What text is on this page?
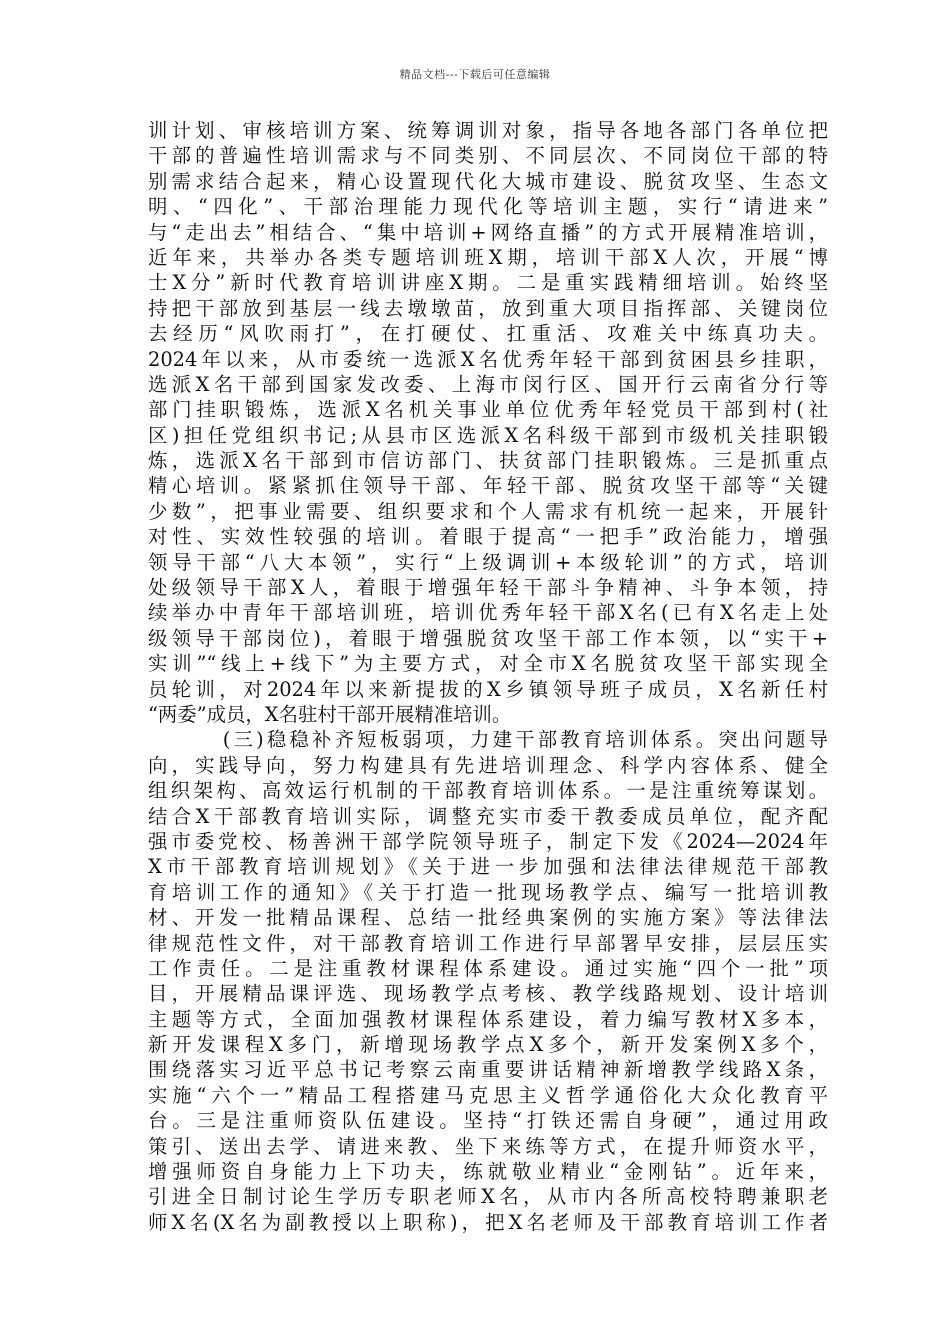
精品文档---下载后可任意编辑
训计划、审核培训方案、统筹调训对象，指导各地各部门各单位把
干部的普遍性培训需求与不同类别、不同层次、不同岗位干部的特
别需求结合起来，精心设置现代化大城市建设、脱贫攻坚、生态文
明、“四化”、干部治理能力现代化等培训主题，实行“请进来”
与“走出去”相结合、“集中培训+网络直播”的方式开展精准培训，
近年来，共举办各类专题培训班X期，培训干部X人次，开展“博
士X分”新时代教育培训讲座X期。二是重实践精细培训。始终坚
持把干部放到基层一线去墩墩苗，放到重大项目指挥部、关键岗位
去经历“风吹雨打”，在打硬仗、扛重活、攻难关中练真功夫。
2024年以来，从市委统一选派X名优秀年轻干部到贫困县乡挂职，
选派X名干部到国家发改委、上海市闵行区、国开行云南省分行等
部门挂职锻炼，选派X名机关事业单位优秀年轻党员干部到村(社
区)担任党组织书记;从县市区选派X名科级干部到市级机关挂职锻
炼，选派X名干部到市信访部门、扶贫部门挂职锻炼。三是抓重点
精心培训。紧紧抓住领导干部、年轻干部、脱贫攻坚干部等“关键
少数”，把事业需要、组织要求和个人需求有机统一起来，开展针
对性、实效性较强的培训。着眼于提高“一把手”政治能力，增强
领导干部“八大本领”，实行“上级调训+本级轮训”的方式，培训
处级领导干部X人，着眼于增强年轻干部斗争精神、斗争本领，持
续举办中青年干部培训班，培训优秀年轻干部X名(已有X名走上处
级领导干部岗位)，着眼于增强脱贫攻坚干部工作本领，以“实干+
实训”“线上+线下”为主要方式，对全市X名脱贫攻坚干部实现全
员轮训，对2024年以来新提拔的X乡镇领导班子成员，X名新任村
“两委”成员，X名驻村干部开展精准培训。
(三)稳稳补齐短板弱项，力建干部教育培训体系。突出问题导
向，实践导向，努力构建具有先进培训理念、科学内容体系、健全
组织架构、高效运行机制的干部教育培训体系。一是注重统筹谋划。
结合X干部教育培训实际，调整充实市委干教委成员单位，配齐配
强市委党校、杨善洲干部学院领导班子，制定下发《2024—2024年
X市干部教育培训规划》《关于进一步加强和法律法律规范干部教
育培训工作的通知》《关于打造一批现场教学点、编写一批培训教
材、开发一批精品课程、总结一批经典案例的实施方案》等法律法
律规范性文件，对干部教育培训工作进行早部署早安排，层层压实
工作责任。二是注重教材课程体系建设。通过实施“四个一批”项
目，开展精品课评选、现场教学点考核、教学线路规划、设计培训
主题等方式，全面加强教材课程体系建设，着力编写教材X多本，
新开发课程X多门，新增现场教学点X多个，新开发案例X多个，
围绕落实习近平总书记考察云南重要讲话精神新增教学线路X条，
实施“六个一”精品工程搭建马克思主义哲学通俗化大众化教育平
台。三是注重师资队伍建设。坚持“打铁还需自身硬”，通过用政
策引、送出去学、请进来教、坐下来练等方式，在提升师资水平，
增强师资自身能力上下功夫，练就敬业精业“金刚钻”。近年来，
引进全日制讨论生学历专职老师X名，从市内各所高校特聘兼职老
师X名(X名为副教授以上职称)，把X名老师及干部教育培训工作者
